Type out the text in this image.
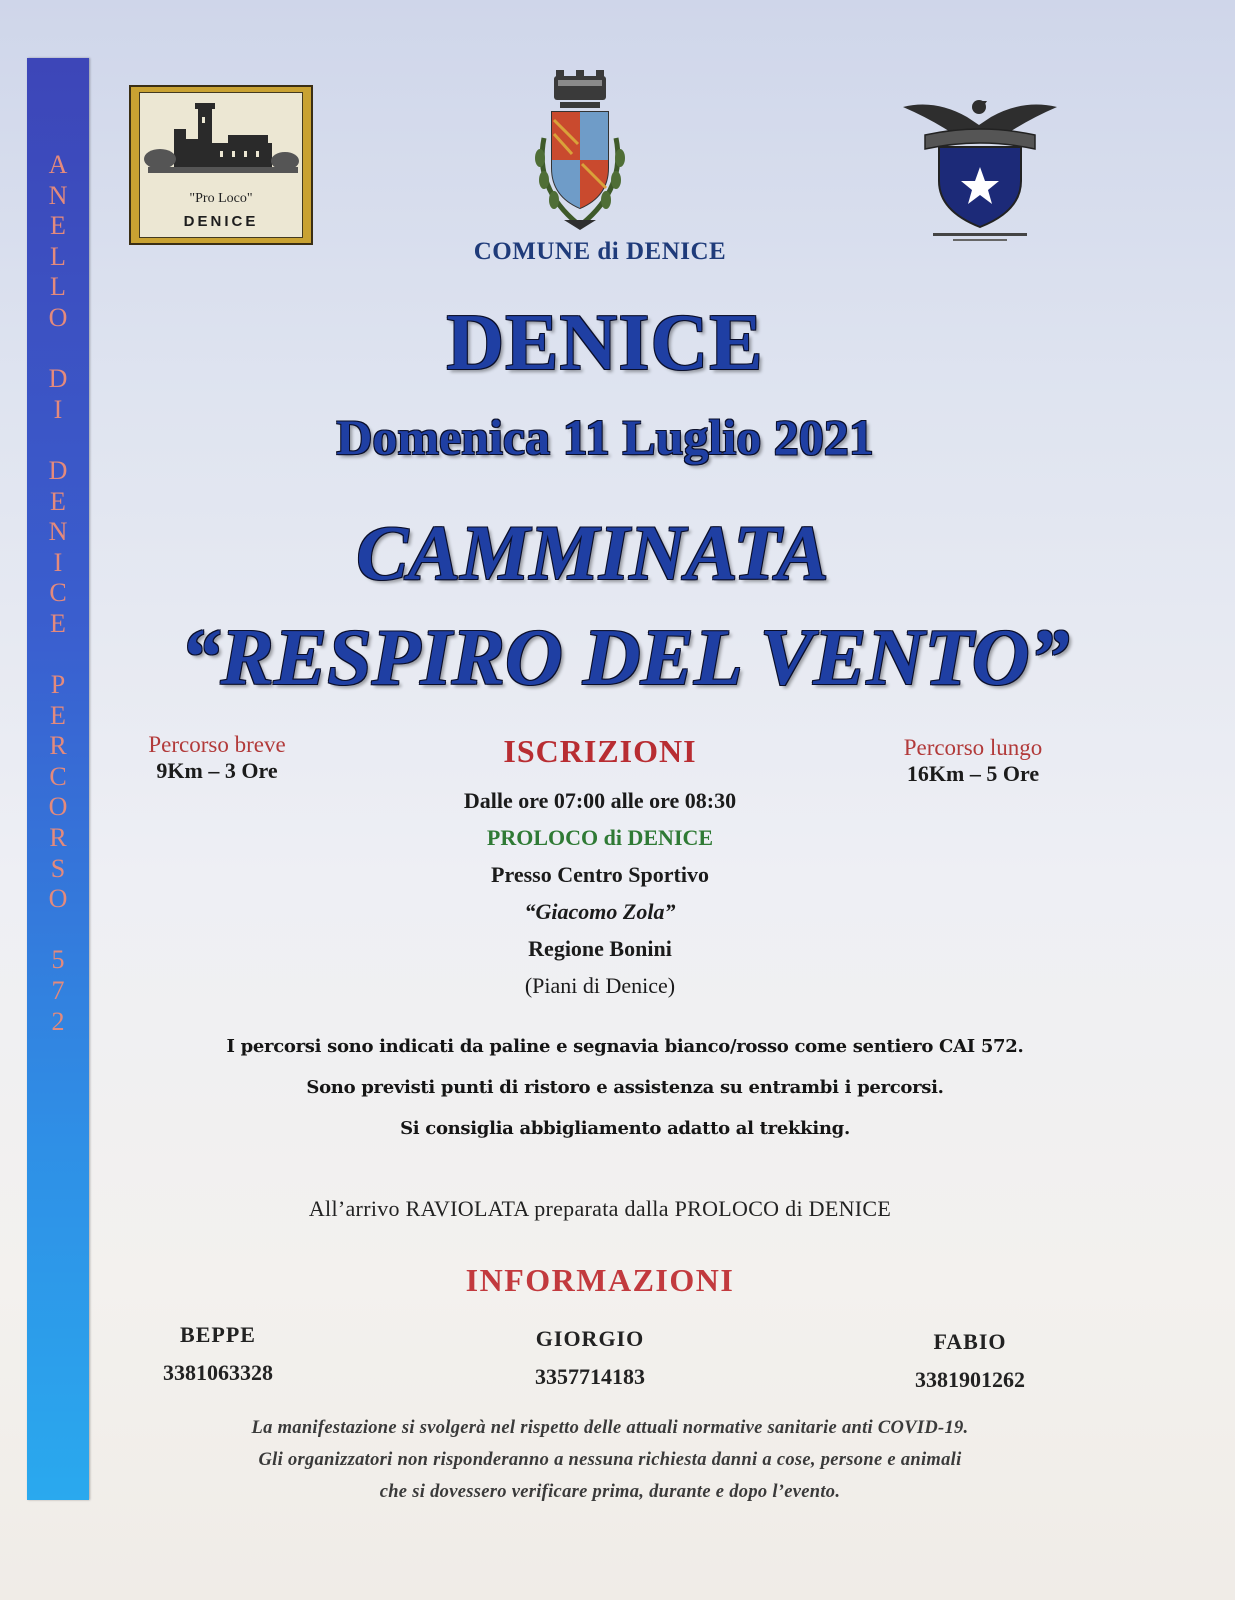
A
N
E
L
L
O
D
I
D
E
N
I
C
E
P
E
R
C
O
R
S
O
5
7
2
"Pro Loco"
DENICE
COMUNE di DENICE
DENICE
Domenica 11 Luglio 2021
CAMMINATA
“RESPIRO DEL VENTO”
Percorso breve
9Km – 3 Ore
Percorso lungo
16Km – 5 Ore
ISCRIZIONI
Dalle ore 07:00 alle ore 08:30
PROLOCO di DENICE
Presso Centro Sportivo
“Giacomo Zola”
Regione Bonini
(Piani di Denice)
I percorsi sono indicati da paline e segnavia bianco/rosso come sentiero CAI 572.
Sono previsti punti di ristoro e assistenza su entrambi i percorsi.
Si consiglia abbigliamento adatto al trekking.
All’arrivo RAVIOLATA preparata dalla PROLOCO di DENICE
INFORMAZIONI
BEPPE
3381063328
GIORGIO
3357714183
FABIO
3381901262
La manifestazione si svolgerà nel rispetto delle attuali normative sanitarie anti COVID-19.
Gli organizzatori non risponderanno a nessuna richiesta danni a cose, persone e animali
che si dovessero verificare prima, durante e dopo l’evento.
